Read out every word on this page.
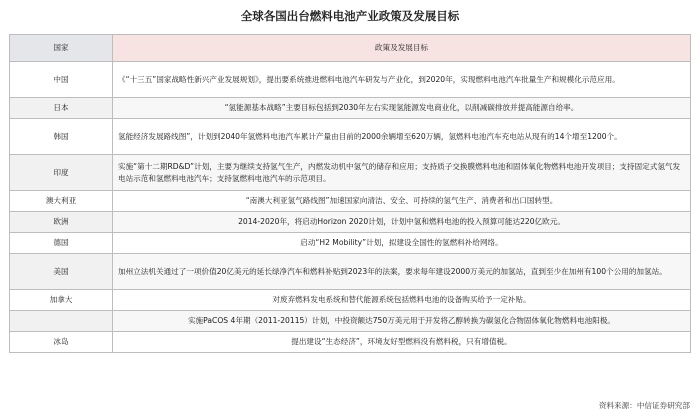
全球各国出台燃料电池产业政策及发展目标
国家	政策及发展目标
中国	《“十三五”国家战略性新兴产业发展规划》，提出要系统推进燃料电池汽车研发与产业化，到2020年，实现燃料电池汽车批量生产和规模化示范应用。
日本	“氢能源基本战略”主要目标包括到2030年左右实现氢能源发电商业化，以削减碳排放并提高能源自给率。
韩国	氢能经济发展路线图”，计划到2040年氢燃料电池汽车累计产量由目前的2000余辆增至620万辆，氢燃料电池汽车充电站从现有的14个增至1200个。
印度	实施“第十二期RD&D”计划，主要为继续支持氢气生产，内燃发动机中氢气的储存和应用；支持质子交换膜燃料电池和固体氧化物燃料电池开发项目；支持固定式氢气发电站示范和氢燃料电池汽车；支持氢燃料电池汽车的示范项目。
澳大利亚	“南澳大利亚氢气路线图”加速国家向清洁、安全、可持续的氢气生产、消费者和出口国转型。
欧洲	2014-2020年，将启动Horizon 2020计划，计划中氢和燃料电池的投入预算可能达220亿欧元。
德国	启动“H2 Mobility”计划，拟建设全国性的氢燃料补给网络。
美国	加州立法机关通过了一项价值20亿美元的延长绿净汽车和燃料补贴到2023年的法案，要求每年建设2000万美元的加氢站，直到至少在加州有100个公用的加氢站。
加拿大	对废弃燃料发电系统和替代能源系统包括燃料电池的设备购买给予一定补贴。
	实施PaCOS 4年期（2011-20115）计划，中投资额达750万美元用于开发将乙醇转换为碳氢化合物固体氧化物燃料电池阳极。
冰岛	提出建设“生态经济”，环境友好型燃料没有燃料税，只有增值税。
资料来源：中信证券研究部
